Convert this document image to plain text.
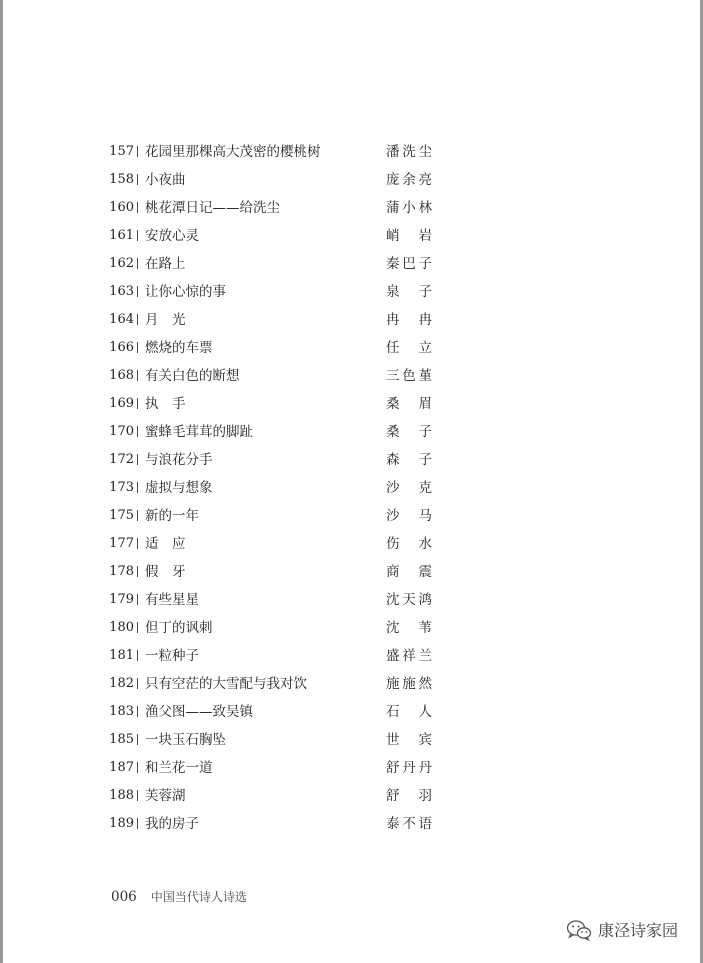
157 花园里那棵高大茂密的樱桃树	潘洗尘
158 小夜曲	庞余亮
160 桃花潭日记——给洗尘	蒲小林
161 安放心灵	峭 岩
162 在路上	秦巴子
163 让你心惊的事	泉 子
164 月　光	冉 冉
166 燃烧的车票	任 立
168 有关白色的断想	三色堇
169 执　手	桑 眉
170 蜜蜂毛茸茸的脚趾	桑 子
172 与浪花分手	森 子
173 虚拟与想象	沙 克
175 新的一年	沙 马
177 适　应	伤 水
178 假　牙	商 震
179 有些星星	沈天鸿
180 但丁的讽刺	沈 苇
181 一粒种子	盛祥兰
182 只有空茫的大雪配与我对饮	施施然
183 渔父图——致吴镇	石 人
185 一块玉石胸坠	世 宾
187 和兰花一道	舒丹丹
188 芙蓉湖	舒 羽
189 我的房子	泰不语
006 中国当代诗人诗选
康泾诗家园
